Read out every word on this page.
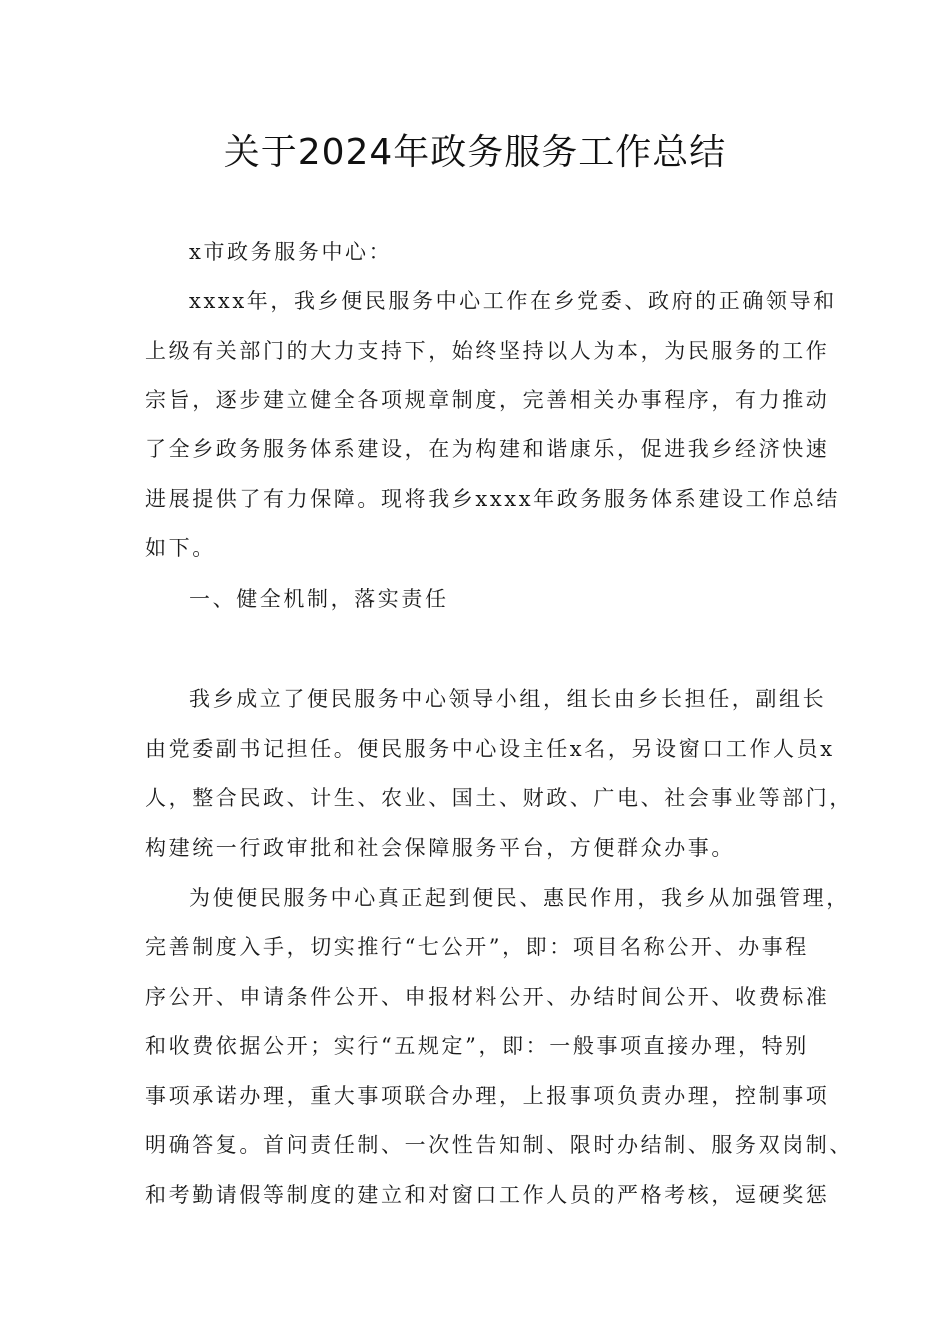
关于2024年政务服务工作总结
x市政务服务中心：
xxxx年，我乡便民服务中心工作在乡党委、政府的正确领导和
上级有关部门的大力支持下，始终坚持以人为本，为民服务的工作
宗旨，逐步建立健全各项规章制度，完善相关办事程序，有力推动
了全乡政务服务体系建设，在为构建和谐康乐，促进我乡经济快速
进展提供了有力保障。现将我乡xxxx年政务服务体系建设工作总结
如下。
一、健全机制，落实责任
我乡成立了便民服务中心领导小组，组长由乡长担任，副组长
由党委副书记担任。便民服务中心设主任x名，另设窗口工作人员x
人，整合民政、计生、农业、国土、财政、广电、社会事业等部门，
构建统一行政审批和社会保障服务平台，方便群众办事。
为使便民服务中心真正起到便民、惠民作用，我乡从加强管理，
完善制度入手，切实推行“七公开”，即：项目名称公开、办事程
序公开、申请条件公开、申报材料公开、办结时间公开、收费标准
和收费依据公开；实行“五规定”，即：一般事项直接办理，特别
事项承诺办理，重大事项联合办理，上报事项负责办理，控制事项
明确答复。首问责任制、一次性告知制、限时办结制、服务双岗制、
和考勤请假等制度的建立和对窗口工作人员的严格考核，逗硬奖惩
